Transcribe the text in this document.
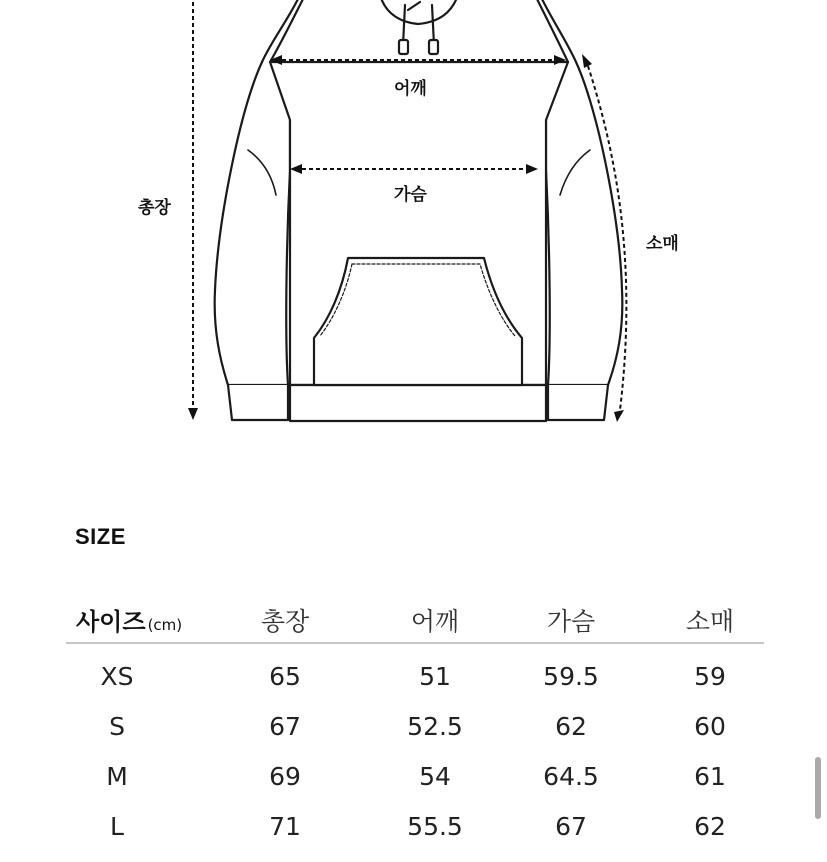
총장
어깨
가슴
소매
SIZE
사이즈 (cm)	총장	어깨	가슴	소매
XS	65	51	59.5	59
S	67	52.5	62	60
M	69	54	64.5	61
L	71	55.5	67	62
